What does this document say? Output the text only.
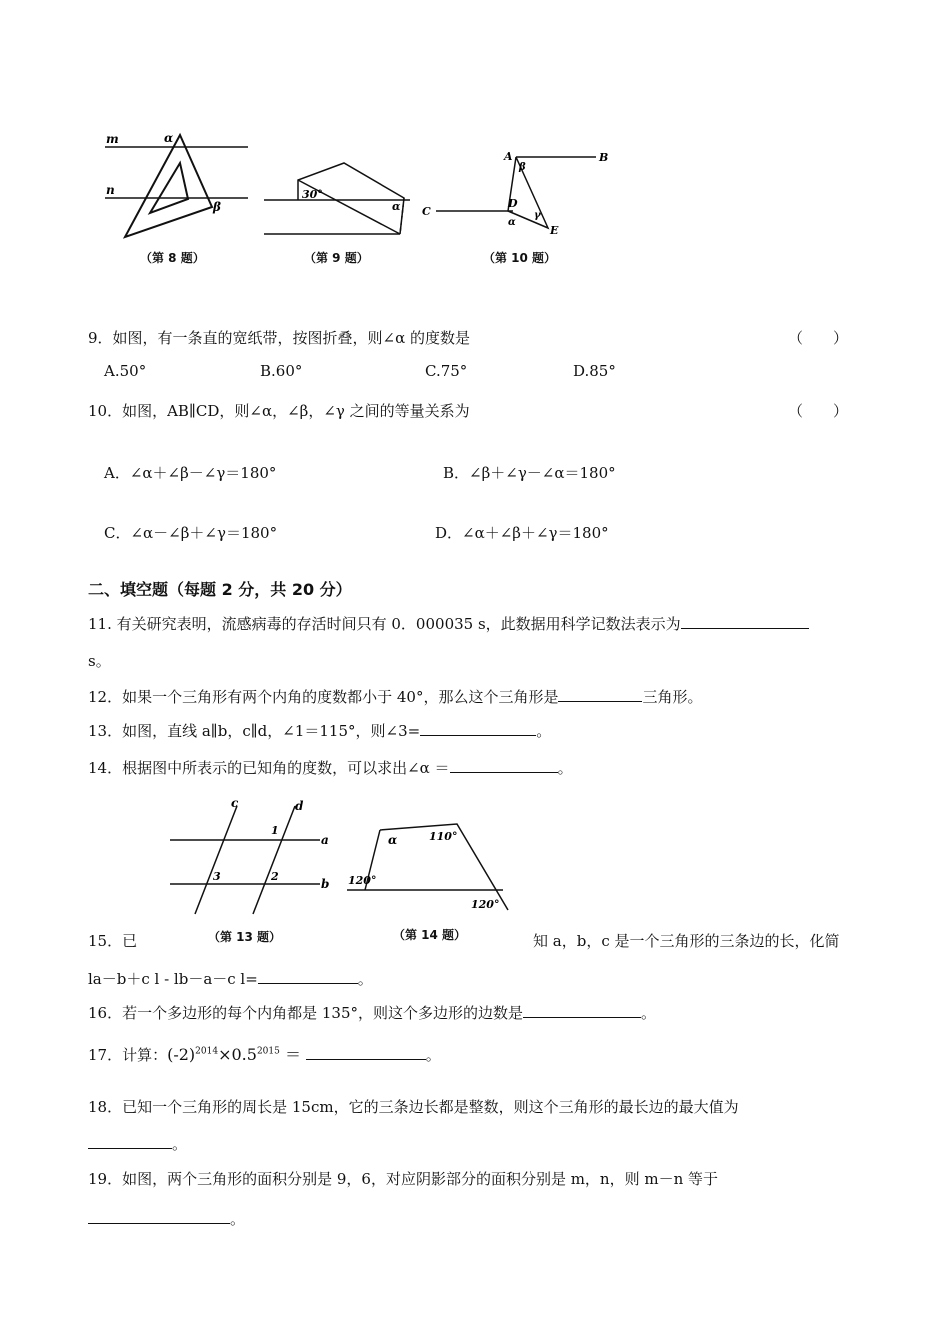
m
n
α
β
（第 8 题）
30°
α
（第 9 题）
A	B
C
D
E
α
β
γ
（第 10 题）
9．如图，有一条直的宽纸带，按图折叠，则∠α 的度数是	（　　）
A.50°	B.60°	C.75°	D.85°
10．如图，AB∥CD，则∠α，∠β，∠γ 之间的等量关系为	（　　）
A．∠α＋∠β－∠γ＝180°	B．∠β＋∠γ－∠α＝180°
C．∠α－∠β＋∠γ＝180°	D．∠α＋∠β＋∠γ＝180°
二、填空题（每题 2 分，共 20 分）
11. 有关研究表明，流感病毒的存活时间只有 0．000035 s，此数据用科学记数法表示为
s。
12．如果一个三角形有两个内角的度数都小于 40°，那么这个三角形是	三角形。
13．如图，直线 a∥b，c∥d，∠1＝115°，则∠3=	。
14．根据图中所表示的已知角的度数，可以求出∠α ＝	。
c	d
a
b
1
2
3
（第 13 题）
α	110°
120°
120°
（第 14 题）
15．已	知 a，b，c 是一个三角形的三条边的长，化简
la－b＋c l - lb－a－c l=	。
16．若一个多边形的每个内角都是 135°，则这个多边形的边数是	。
17．计算：$(-2)^{2014}\times 0.5^{2015}$ ＝	。
18．已知一个三角形的周长是 15cm，它的三条边长都是整数，则这个三角形的最长边的最大值为
。
19．如图，两个三角形的面积分别是 9，6，对应阴影部分的面积分别是 m，n，则 m－n 等于
。
